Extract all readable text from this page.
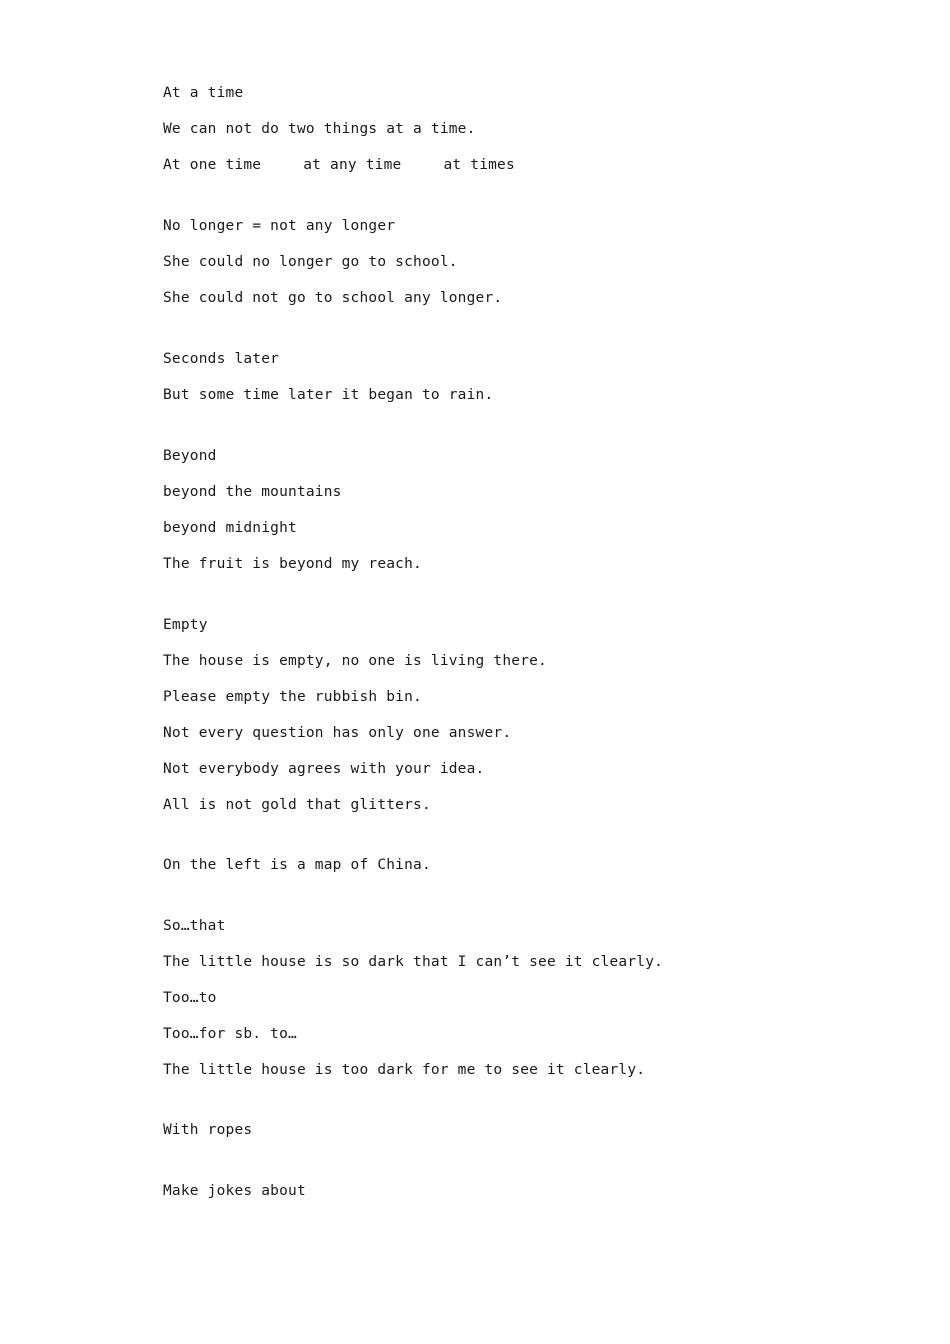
At a time
We can not do two things at a time.
At one time	at any time	at times
No longer = not any longer
She could no longer go to school.
She could not go to school any longer.
Seconds later
But some time later it began to rain.
Beyond
beyond the mountains
beyond midnight
The fruit is beyond my reach.
Empty
The house is empty, no one is living there.
Please empty the rubbish bin.
Not every question has only one answer.
Not everybody agrees with your idea.
All is not gold that glitters.
On the left is a map of China.
So…that
The little house is so dark that I can’t see it clearly.
Too…to
Too…for sb. to…
The little house is too dark for me to see it clearly.
With ropes
Make jokes about
